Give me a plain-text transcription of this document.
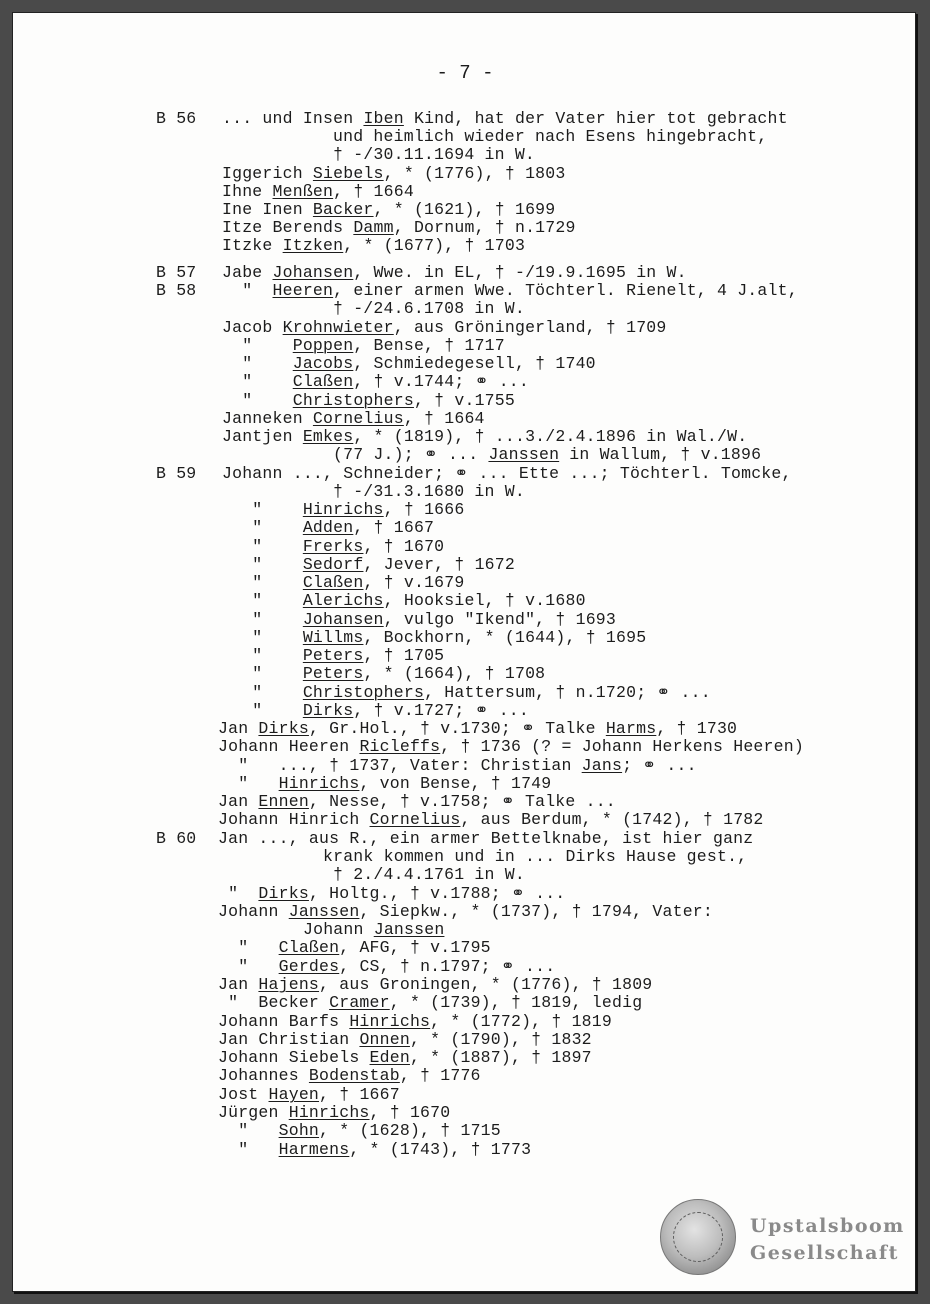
- 7 -
B 56	... und Insen Iben Kind, hat der Vater hier tot gebracht
und heimlich wieder nach Esens hingebracht,
† -/30.11.1694 in W.
Iggerich Siebels, * (1776), † 1803
Ihne Menßen, † 1664
Ine Inen Backer, * (1621), † 1699
Itze Berends Damm, Dornum, † n.1729
Itzke Itzken, * (1677), † 1703
B 57	Jabe Johansen, Wwe. in EL, † -/19.9.1695 in W.
B 58	"  Heeren, einer armen Wwe. Töchterl. Rienelt, 4 J.alt,
† -/24.6.1708 in W.
Jacob Krohnwieter, aus Gröningerland, † 1709
"    Poppen, Bense, † 1717
"    Jacobs, Schmiedegesell, † 1740
"    Claßen, † v.1744; ⚭ ...
"    Christophers, † v.1755
Janneken Cornelius, † 1664
Jantjen Emkes, * (1819), † ...3./2.4.1896 in Wal./W.
(77 J.); ⚭ ... Janssen in Wallum, † v.1896
B 59	Johann ..., Schneider; ⚭ ... Ette ...; Töchterl. Tomcke,
† -/31.3.1680 in W.
"    Hinrichs, † 1666
"    Adden, † 1667
"    Frerks, † 1670
"    Sedorf, Jever, † 1672
"    Claßen, † v.1679
"    Alerichs, Hooksiel, † v.1680
"    Johansen, vulgo "Ikend", † 1693
"    Willms, Bockhorn, * (1644), † 1695
"    Peters, † 1705
"    Peters, * (1664), † 1708
"    Christophers, Hattersum, † n.1720; ⚭ ...
"    Dirks, † v.1727; ⚭ ...
Jan Dirks, Gr.Hol., † v.1730; ⚭ Talke Harms, † 1730
Johann Heeren Ricleffs, † 1736 (? = Johann Herkens Heeren)
"   ..., † 1737, Vater: Christian Jans; ⚭ ...
"   Hinrichs, von Bense, † 1749
Jan Ennen, Nesse, † v.1758; ⚭ Talke ...
Johann Hinrich Cornelius, aus Berdum, * (1742), † 1782
B 60	Jan ..., aus R., ein armer Bettelknabe, ist hier ganz
krank kommen und in ... Dirks Hause gest.,
† 2./4.4.1761 in W.
"  Dirks, Holtg., † v.1788; ⚭ ...
Johann Janssen, Siepkw., * (1737), † 1794, Vater:
Johann Janssen
"   Claßen, AFG, † v.1795
"   Gerdes, CS, † n.1797; ⚭ ...
Jan Hajens, aus Groningen, * (1776), † 1809
"  Becker Cramer, * (1739), † 1819, ledig
Johann Barfs Hinrichs, * (1772), † 1819
Jan Christian Onnen, * (1790), † 1832
Johann Siebels Eden, * (1887), † 1897
Johannes Bodenstab, † 1776
Jost Hayen, † 1667
Jürgen Hinrichs, † 1670
"   Sohn, * (1628), † 1715
"   Harmens, * (1743), † 1773
Upstalsboom
Gesellschaft
